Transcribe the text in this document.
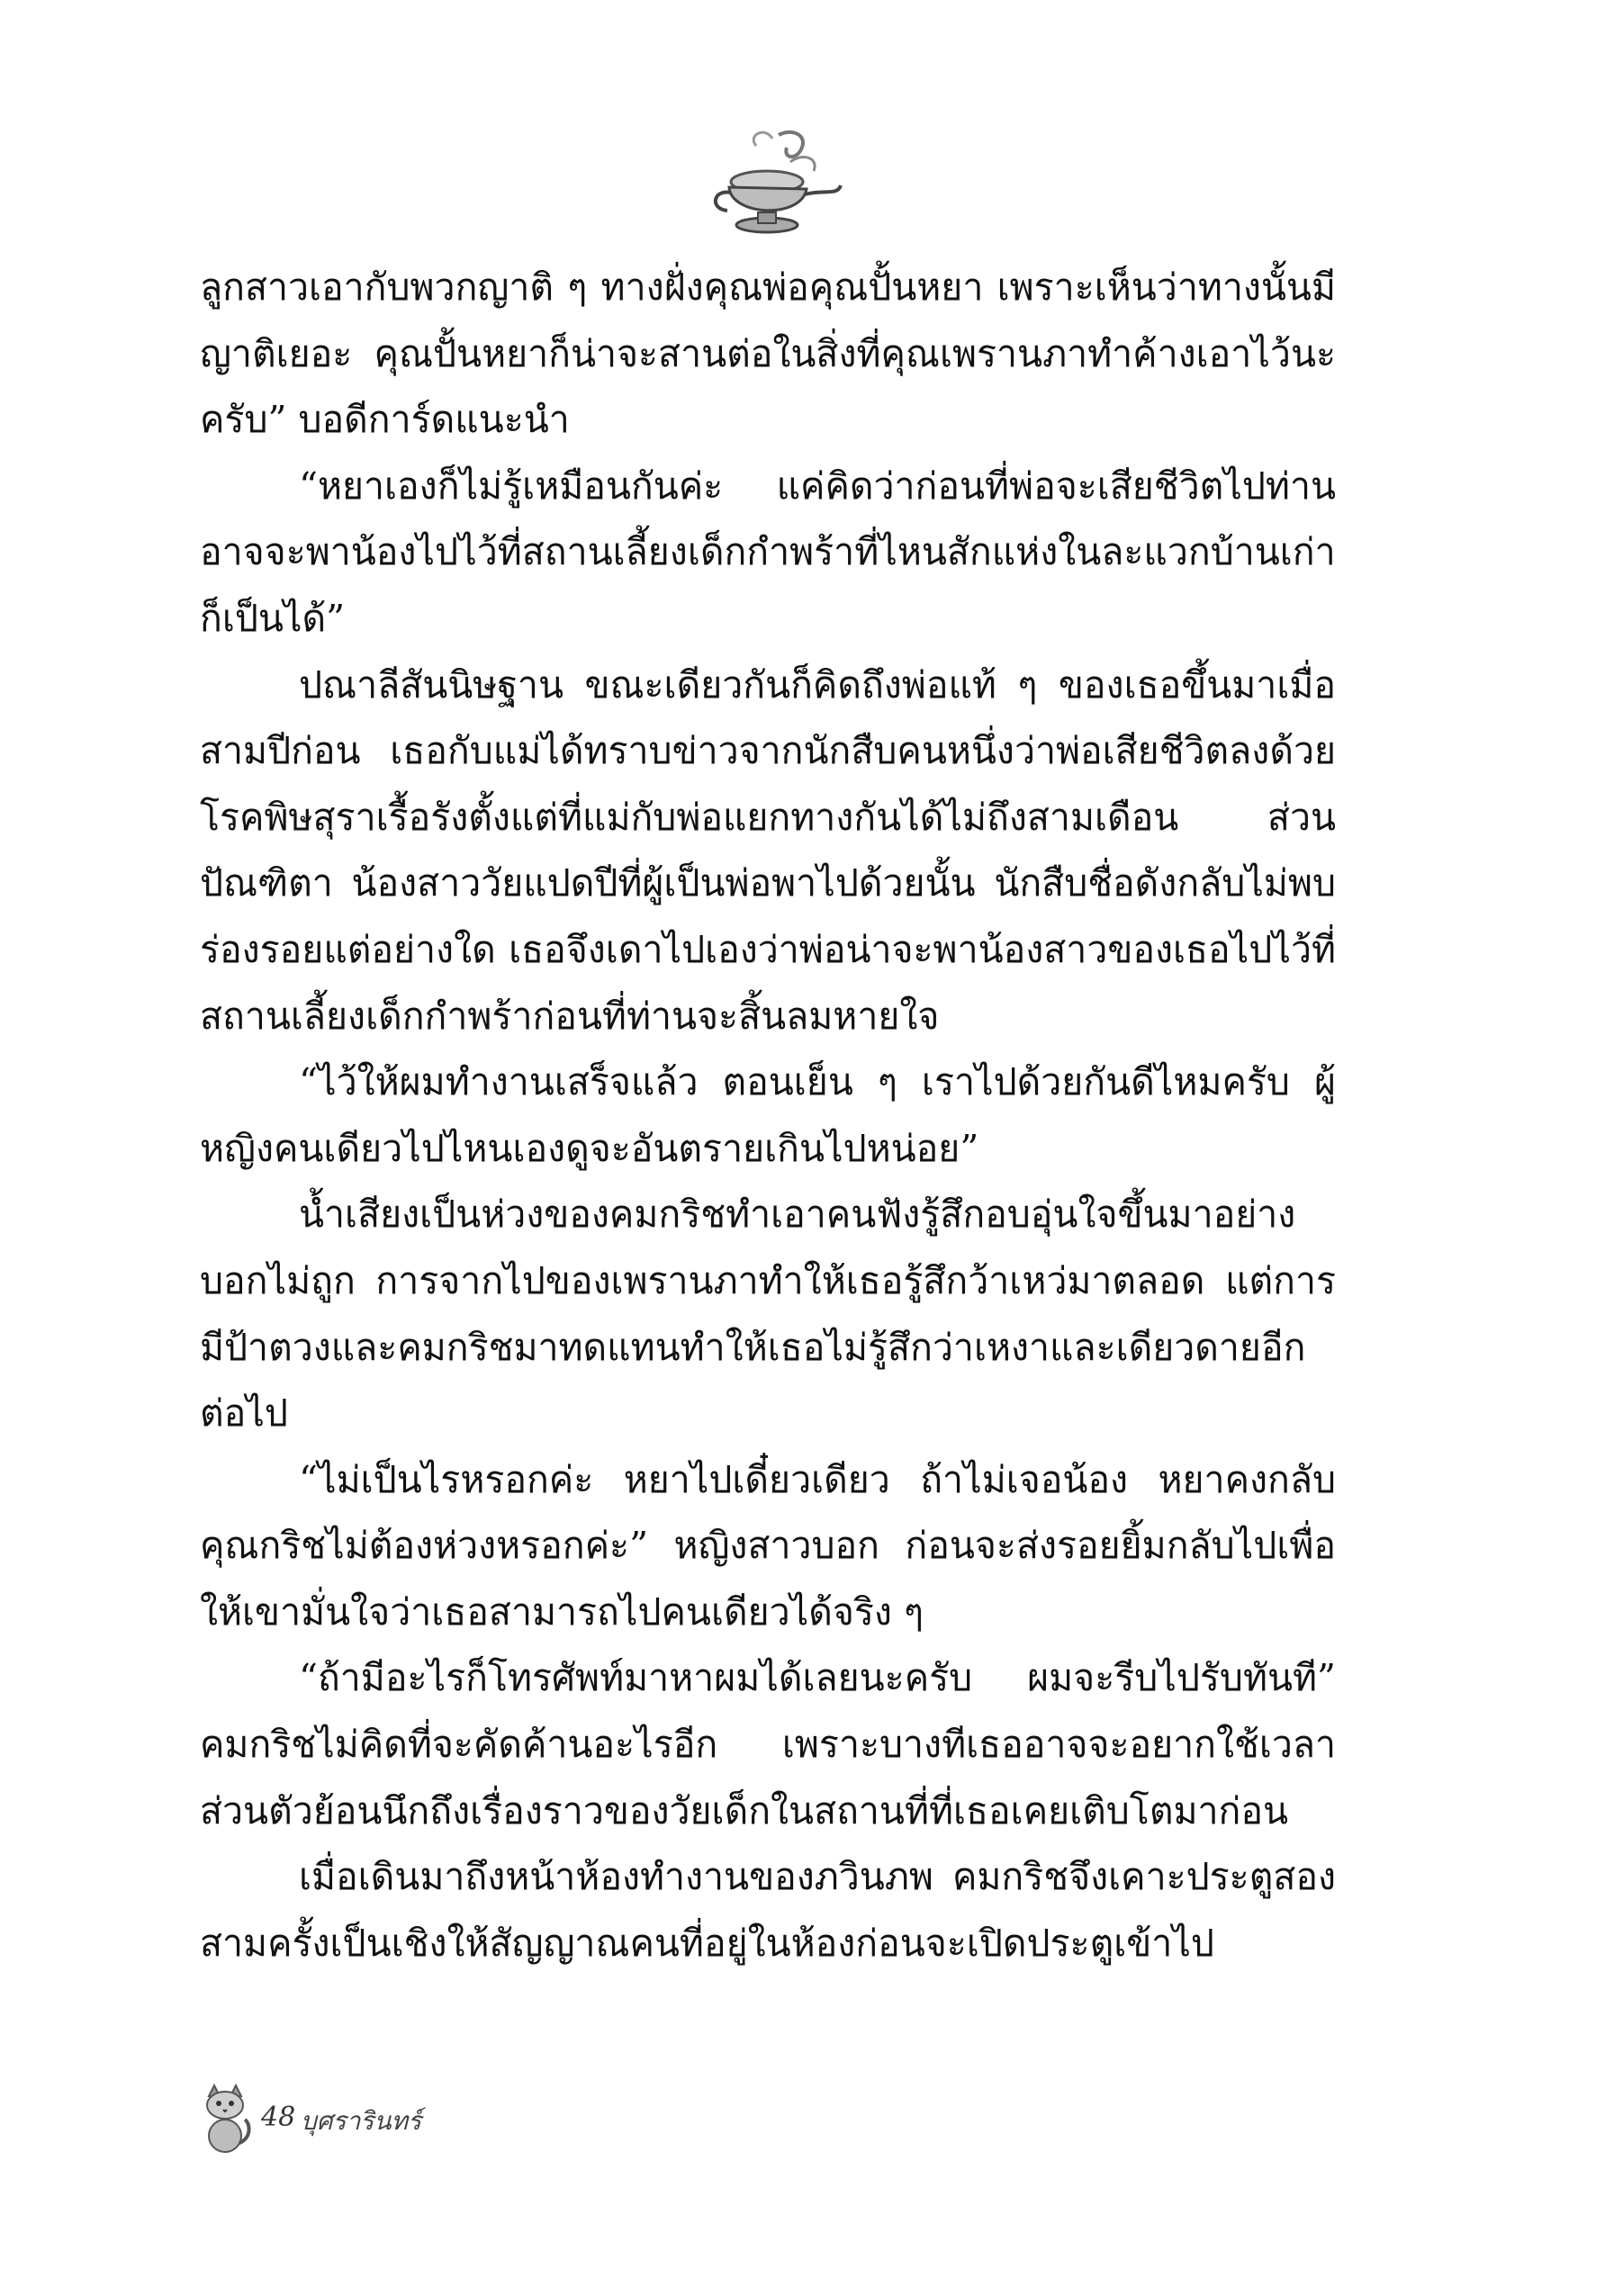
ลูกสาวเอากับพวกญาติ ๆ ทางฝั่งคุณพ่อคุณปั้นหยา เพราะเห็นว่าทางนั้นมีญาติเยอะ คุณปั้นหยาก็น่าจะสานต่อในสิ่งที่คุณเพรานภาทำค้างเอาไว้นะครับ” บอดีการ์ดแนะนำ

“หยาเองก็ไม่รู้เหมือนกันค่ะ แค่คิดว่าก่อนที่พ่อจะเสียชีวิตไปท่านอาจจะพาน้องไปไว้ที่สถานเลี้ยงเด็กกำพร้าที่ไหนสักแห่งในละแวกบ้านเก่าก็เป็นได้”

ปณาลีสันนิษฐาน ขณะเดียวกันก็คิดถึงพ่อแท้ ๆ ของเธอขึ้นมาเมื่อสามปีก่อน เธอกับแม่ได้ทราบข่าวจากนักสืบคนหนึ่งว่าพ่อเสียชีวิตลงด้วยโรคพิษสุราเรื้อรังตั้งแต่ที่แม่กับพ่อแยกทางกันได้ไม่ถึงสามเดือน ส่วนปัณฑิตา น้องสาววัยแปดปีที่ผู้เป็นพ่อพาไปด้วยนั้น นักสืบชื่อดังกลับไม่พบร่องรอยแต่อย่างใด เธอจึงเดาไปเองว่าพ่อน่าจะพาน้องสาวของเธอไปไว้ที่สถานเลี้ยงเด็กกำพร้าก่อนที่ท่านจะสิ้นลมหายใจ

“ไว้ให้ผมทำงานเสร็จแล้ว ตอนเย็น ๆ เราไปด้วยกันดีไหมครับ ผู้หญิงคนเดียวไปไหนเองดูจะอันตรายเกินไปหน่อย”

น้ำเสียงเป็นห่วงของคมกริชทำเอาคนฟังรู้สึกอบอุ่นใจขึ้นมาอย่างบอกไม่ถูก การจากไปของเพรานภาทำให้เธอรู้สึกว้าเหว่มาตลอด แต่การมีป้าตวงและคมกริชมาทดแทนทำให้เธอไม่รู้สึกว่าเหงาและเดียวดายอีกต่อไป

“ไม่เป็นไรหรอกค่ะ หยาไปเดี๋ยวเดียว ถ้าไม่เจอน้อง หยาคงกลับ คุณกริชไม่ต้องห่วงหรอกค่ะ” หญิงสาวบอก ก่อนจะส่งรอยยิ้มกลับไปเพื่อให้เขามั่นใจว่าเธอสามารถไปคนเดียวได้จริง ๆ

“ถ้ามีอะไรก็โทรศัพท์มาหาผมได้เลยนะครับ ผมจะรีบไปรับทันที” คมกริชไม่คิดที่จะคัดค้านอะไรอีก เพราะบางทีเธออาจจะอยากใช้เวลาส่วนตัวย้อนนึกถึงเรื่องราวของวัยเด็กในสถานที่ที่เธอเคยเติบโตมาก่อน

เมื่อเดินมาถึงหน้าห้องทำงานของภวินภพ คมกริชจึงเคาะประตูสองสามครั้งเป็นเชิงให้สัญญาณคนที่อยู่ในห้องก่อนจะเปิดประตูเข้าไป

48 บุศรารินทร์
